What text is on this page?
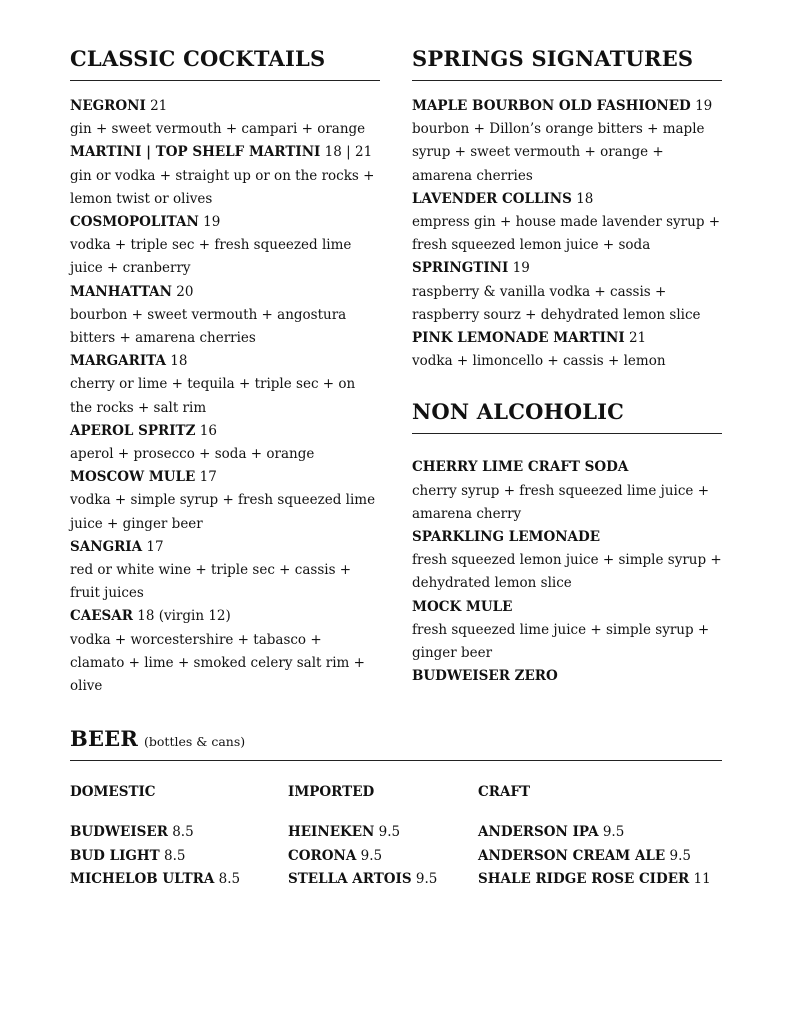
CLASSIC COCKTAILS
NEGRONI 21
gin + sweet vermouth + campari + orange
MARTINI | TOP SHELF MARTINI 18 | 21
gin or vodka + straight up or on the rocks + lemon twist or olives
COSMOPOLITAN 19
vodka + triple sec + fresh squeezed lime juice + cranberry
MANHATTAN 20
bourbon + sweet vermouth + angostura bitters + amarena cherries
MARGARITA 18
cherry or lime + tequila + triple sec + on the rocks + salt rim
APEROL SPRITZ 16
aperol + prosecco + soda + orange
MOSCOW MULE 17
vodka + simple syrup + fresh squeezed lime juice + ginger beer
SANGRIA 17
red or white wine + triple sec + cassis + fruit juices
CAESAR 18 (virgin 12)
vodka + worcestershire + tabasco + clamato + lime + smoked celery salt rim + olive
SPRINGS SIGNATURES
MAPLE BOURBON OLD FASHIONED 19
bourbon + Dillon’s orange bitters + maple syrup + sweet vermouth + orange + amarena cherries
LAVENDER COLLINS 18
empress gin + house made lavender syrup + fresh squeezed lemon juice + soda
SPRINGTINI 19
raspberry & vanilla vodka + cassis + raspberry sourz + dehydrated lemon slice
PINK LEMONADE MARTINI 21
vodka + limoncello + cassis + lemon
NON ALCOHOLIC
CHERRY LIME CRAFT SODA
cherry syrup + fresh squeezed lime juice + amarena cherry
SPARKLING LEMONADE
fresh squeezed lemon juice + simple syrup + dehydrated lemon slice
MOCK MULE
fresh squeezed lime juice + simple syrup + ginger beer
BUDWEISER ZERO
BEER (bottles & cans)
DOMESTIC
BUDWEISER 8.5
BUD LIGHT 8.5
MICHELOB ULTRA 8.5
IMPORTED
HEINEKEN 9.5
CORONA 9.5
STELLA ARTOIS 9.5
CRAFT
ANDERSON IPA 9.5
ANDERSON CREAM ALE 9.5
SHALE RIDGE ROSE CIDER 11
